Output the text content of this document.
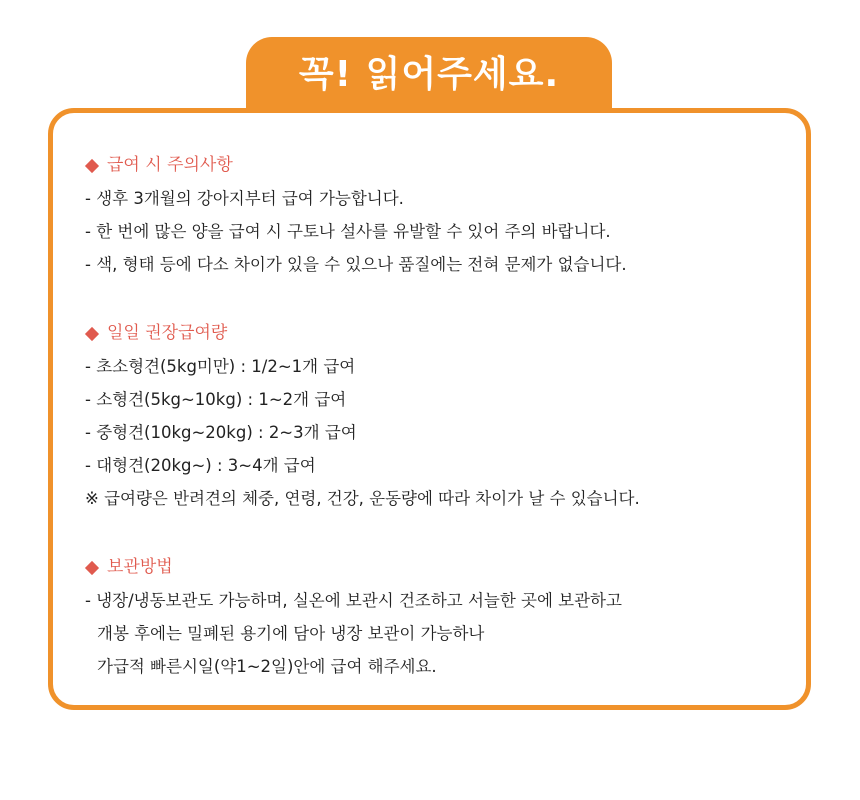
꼭! 읽어주세요.
급여 시 주의사항
- 생후 3개월의 강아지부터 급여 가능합니다.
- 한 번에 많은 양을 급여 시 구토나 설사를 유발할 수 있어 주의 바랍니다.
- 색, 형태 등에 다소 차이가 있을 수 있으나 품질에는 전혀 문제가 없습니다.
일일 권장급여량
- 초소형견(5kg미만) : 1/2~1개 급여
- 소형견(5kg~10kg) : 1~2개 급여
- 중형견(10kg~20kg) : 2~3개 급여
- 대형견(20kg~) : 3~4개 급여
※ 급여량은 반려견의 체중, 연령, 건강, 운동량에 따라 차이가 날 수 있습니다.
보관방법
- 냉장/냉동보관도 가능하며, 실온에 보관시 건조하고 서늘한 곳에 보관하고
개봉 후에는 밀폐된 용기에 담아 냉장 보관이 가능하나
가급적 빠른시일(약1~2일)안에 급여 해주세요.
